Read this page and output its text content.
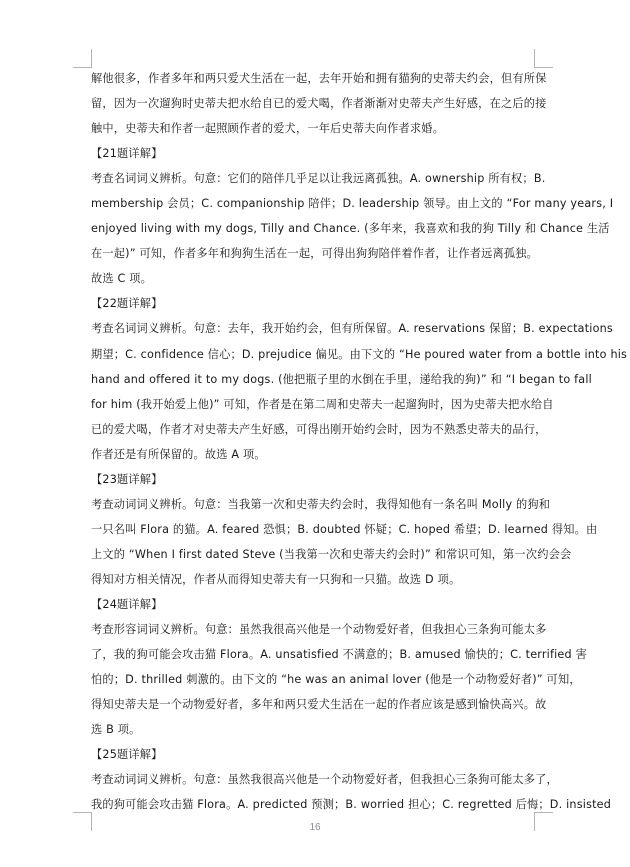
解他很多，作者多年和两只爱犬生活在一起，去年开始和拥有猫狗的史蒂夫约会，但有所保
留，因为一次遛狗时史蒂夫把水给自已的爱犬喝，作者渐渐对史蒂夫产生好感，在之后的接
触中，史蒂夫和作者一起照顾作者的爱犬，一年后史蒂夫向作者求婚。
【21题详解】
考查名词词义辨析。句意：它们的陪伴几乎足以让我远离孤独。A. ownership 所有权；B.
membership 会员；C. companionship 陪伴；D. leadership 领导。由上文的 “For many years, I
enjoyed living with my dogs, Tilly and Chance. (多年来，我喜欢和我的狗 Tilly 和 Chance 生活
在一起)” 可知，作者多年和狗狗生活在一起，可得出狗狗陪伴着作者，让作者远离孤独。
故选 C 项。
【22题详解】
考查名词词义辨析。句意：去年，我开始约会，但有所保留。A. reservations 保留；B. expectations
期望；C. confidence 信心；D. prejudice 偏见。由下文的 “He poured water from a bottle into his
hand and offered it to my dogs. (他把瓶子里的水倒在手里，递给我的狗)” 和 “I began to fall
for him (我开始爱上他)” 可知，作者是在第二周和史蒂夫一起遛狗时，因为史蒂夫把水给自
已的爱犬喝，作者才对史蒂夫产生好感，可得出刚开始约会时，因为不熟悉史蒂夫的品行，
作者还是有所保留的。故选 A 项。
【23题详解】
考查动词词义辨析。句意：当我第一次和史蒂夫约会时，我得知他有一条名叫 Molly 的狗和
一只名叫 Flora 的猫。A. feared 恐惧；B. doubted 怀疑；C. hoped 希望；D. learned 得知。由
上文的 “When I first dated Steve (当我第一次和史蒂夫约会时)” 和常识可知，第一次约会会
得知对方相关情况，作者从而得知史蒂夫有一只狗和一只猫。故选 D 项。
【24题详解】
考查形容词词义辨析。句意：虽然我很高兴他是一个动物爱好者，但我担心三条狗可能太多
了，我的狗可能会攻击猫 Flora。A. unsatisfied 不满意的；B. amused 愉快的；C. terrified 害
怕的；D. thrilled 刺激的。由下文的 “he was an animal lover (他是一个动物爱好者)” 可知，
得知史蒂夫是一个动物爱好者，多年和两只爱犬生活在一起的作者应该是感到愉快高兴。故
选 B 项。
【25题详解】
考查动词词义辨析。句意：虽然我很高兴他是一个动物爱好者，但我担心三条狗可能太多了，
我的狗可能会攻击猫 Flora。A. predicted 预测；B. worried 担心；C. regretted 后悔；D. insisted
16
